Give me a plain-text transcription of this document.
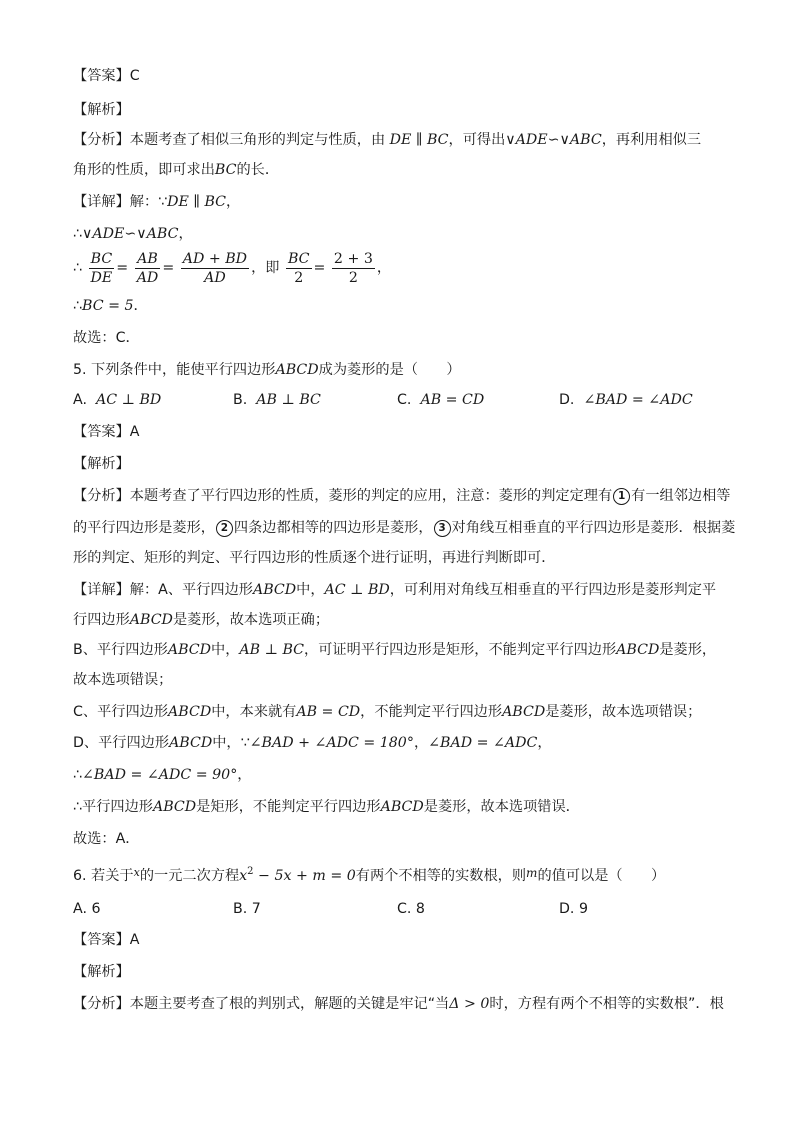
【答案】C
【解析】
【分析】本题考查了相似三角形的判定与性质，由 DE ∥ BC，可得出∨ADE∽∨ABC，再利用相似三
角形的性质，即可求出BC的长．
【详解】解：∵DE ∥ BC，
∴∨ADE∽∨ABC，
∴ $\frac{BC}{DE} = \frac{AB}{AD} = \frac{AD + BD}{AD}$ ，即 $\frac{BC}{2} = \frac{2 + 3}{2}$ ，
∴BC = 5．
故选：C．
5. 下列条件中，能使平行四边形ABCD成为菱形的是（　　）
A. AC ⊥ BD	B. AB ⊥ BC	C. AB = CD	D. ∠BAD = ∠ADC
【答案】A
【解析】
【分析】本题考查了平行四边形的性质，菱形的判定的应用，注意：菱形的判定定理有 1 有一组邻边相等
的平行四边形是菱形， 2 四条边都相等的四边形是菱形， 3 对角线互相垂直的平行四边形是菱形．根据菱
形的判定、矩形的判定、平行四边形的性质逐个进行证明，再进行判断即可．
【详解】解：A、平行四边形ABCD中，AC ⊥ BD，可利用对角线互相垂直的平行四边形是菱形判定平
行四边形ABCD是菱形，故本选项正确；
B、平行四边形ABCD中，AB ⊥ BC，可证明平行四边形是矩形，不能判定平行四边形ABCD是菱形，
故本选项错误；
C、平行四边形ABCD中，本来就有AB = CD，不能判定平行四边形ABCD是菱形，故本选项错误；
D、平行四边形ABCD中，∵∠BAD + ∠ADC = 180°，∠BAD = ∠ADC，
∴∠BAD = ∠ADC = 90°，
∴平行四边形ABCD是矩形，不能判定平行四边形ABCD是菱形，故本选项错误．
故选：A．
6. 若关于$^x$的一元二次方程$x^2 - 5x + m = 0$有两个不相等的实数根，则$^m$的值可以是（　　）
A. 6	B. 7	C. 8	D. 9
【答案】A
【解析】
【分析】本题主要考查了根的判别式，解题的关键是牢记“当Δ > 0时，方程有两个不相等的实数根”．根
